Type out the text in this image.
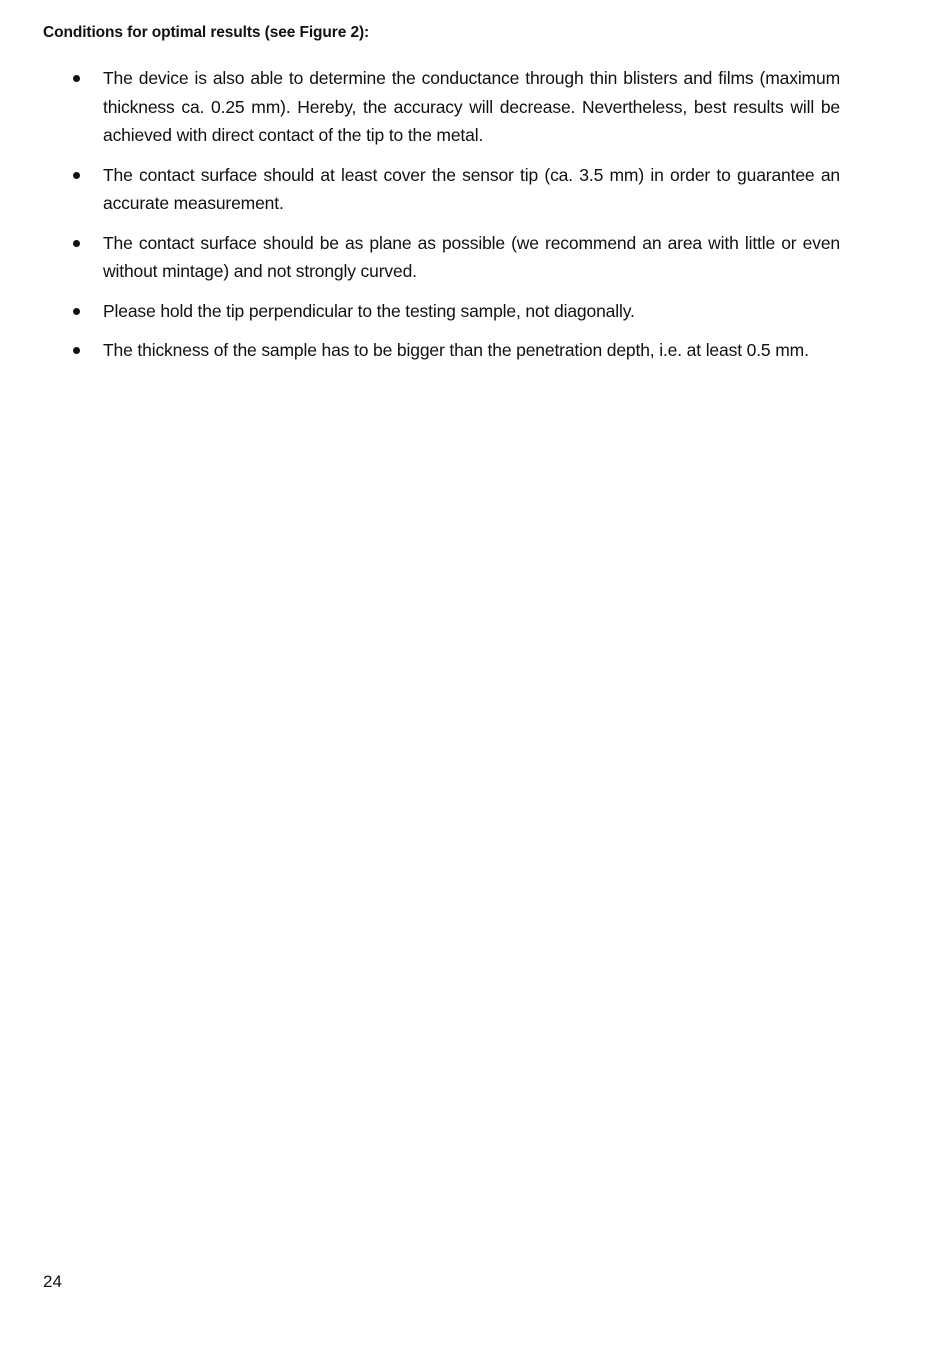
Conditions for optimal results (see Figure 2):

The device is also able to determine the conductance through thin blisters and films (maximum thickness ca. 0.25 mm). Hereby, the accuracy will decrease. Nevertheless, best results will be achieved with direct contact of the tip to the metal.

The contact surface should at least cover the sensor tip (ca. 3.5 mm) in order to guarantee an accurate measurement.

The contact surface should be as plane as possible (we recommend an area with little or even without mintage) and not strongly curved.

Please hold the tip perpendicular to the testing sample, not diagonally.

The thickness of the sample has to be bigger than the penetration depth, i.e. at least 0.5 mm.

24
